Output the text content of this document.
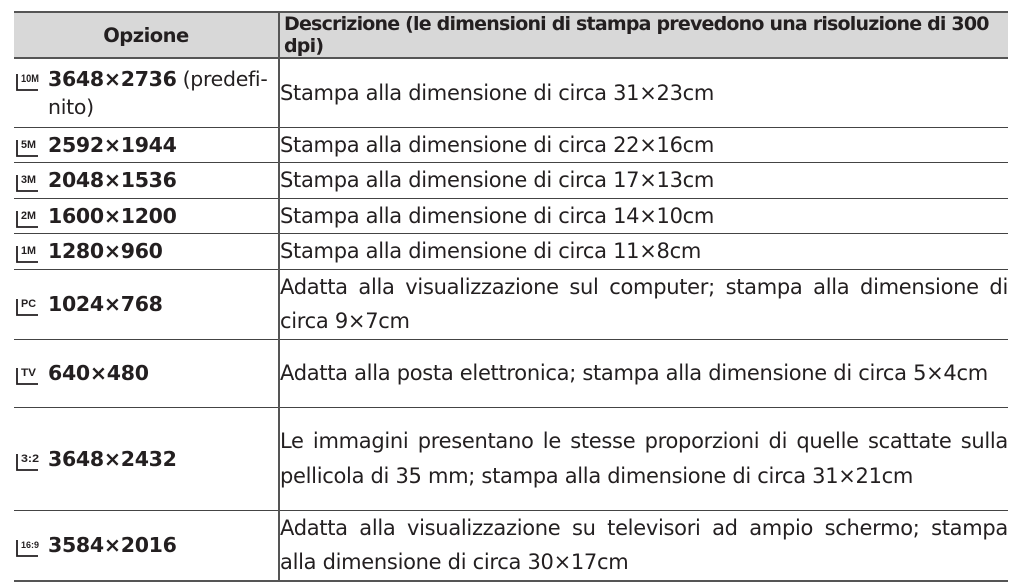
Opzione	Descrizione (le dimensioni di stampa prevedono una risoluzione di 300 dpi)

10M 3648×2736 (predefi-nito)	Stampa alla dimensione di circa 31×23cm

5M 2592×1944	Stampa alla dimensione di circa 22×16cm

3M 2048×1536	Stampa alla dimensione di circa 17×13cm

2M 1600×1200	Stampa alla dimensione di circa 14×10cm

1M 1280×960	Stampa alla dimensione di circa 11×8cm

PC 1024×768	Adatta alla visualizzazione sul computer; stampa alla dimensione di circa 9×7cm

TV 640×480	Adatta alla posta elettronica; stampa alla dimensione di circa 5×4cm

3:2 3648×2432	Le immagini presentano le stesse proporzioni di quelle scattate sulla pellicola di 35 mm; stampa alla dimensione di circa 31×21cm

16:9 3584×2016	Adatta alla visualizzazione su televisori ad ampio schermo; stampa alla dimensione di circa 30×17cm
